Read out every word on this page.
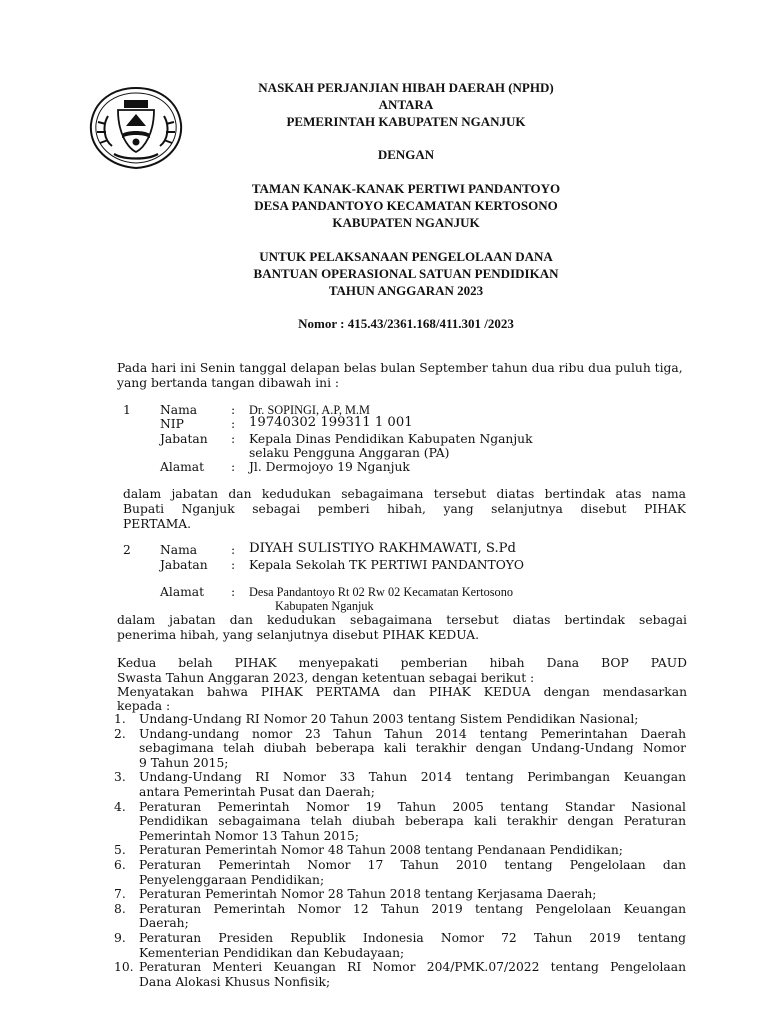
NASKAH PERJANJIAN HIBAH DAERAH (NPHD)
ANTARA
PEMERINTAH KABUPATEN NGANJUK
DENGAN
TAMAN KANAK-KANAK PERTIWI PANDANTOYO
DESA PANDANTOYO KECAMATAN KERTOSONO
KABUPATEN NGANJUK
UNTUK PELAKSANAAN PENGELOLAAN DANA
BANTUAN OPERASIONAL SATUAN PENDIDIKAN
TAHUN ANGGARAN 2023
Nomor : 415.43/2361.168/411.301 /2023
Pada hari ini Senin tanggal delapan belas bulan September tahun dua ribu dua puluh tiga,
yang bertanda tangan dibawah ini :
1 Nama	: Dr. SOPINGI, A.P, M.M
NIP	: 19740302 199311 1 001
Jabatan : Kepala Dinas Pendidikan Kabupaten Nganjuk
selaku Pengguna Anggaran (PA)
Alamat : Jl. Dermojoyo 19 Nganjuk
dalam jabatan dan kedudukan sebagaimana tersebut diatas bertindak atas nama
Bupati Nganjuk sebagai pemberi hibah, yang selanjutnya disebut PIHAK
PERTAMA.
2 Nama	: DIYAH SULISTIYO RAKHMAWATI, S.Pd
Jabatan : Kepala Sekolah TK PERTIWI PANDANTOYO
Alamat : Desa Pandantoyo Rt 02 Rw 02 Kecamatan Kertosono
Kabupaten Nganjuk
dalam jabatan dan kedudukan sebagaimana tersebut diatas bertindak sebagai
penerima hibah, yang selanjutnya disebut PIHAK KEDUA.
Kedua belah PIHAK menyepakati pemberian hibah Dana BOP PAUD
Swasta Tahun Anggaran 2023, dengan ketentuan sebagai berikut :
Menyatakan bahwa PIHAK PERTAMA dan PIHAK KEDUA dengan mendasarkan
kepada :
1. Undang-Undang RI Nomor 20 Tahun 2003 tentang Sistem Pendidikan Nasional;
2. Undang-undang nomor 23 Tahun Tahun 2014 tentang Pemerintahan Daerah
sebagimana telah diubah beberapa kali terakhir dengan Undang-Undang Nomor
9 Tahun 2015;
3. Undang-Undang RI Nomor 33 Tahun 2014 tentang Perimbangan Keuangan
antara Pemerintah Pusat dan Daerah;
4. Peraturan Pemerintah Nomor 19 Tahun 2005 tentang Standar Nasional
Pendidikan sebagaimana telah diubah beberapa kali terakhir dengan Peraturan
Pemerintah Nomor 13 Tahun 2015;
5. Peraturan Pemerintah Nomor 48 Tahun 2008 tentang Pendanaan Pendidikan;
6. Peraturan Pemerintah Nomor 17 Tahun 2010 tentang Pengelolaan dan
Penyelenggaraan Pendidikan;
7. Peraturan Pemerintah Nomor 28 Tahun 2018 tentang Kerjasama Daerah;
8. Peraturan Pemerintah Nomor 12 Tahun 2019 tentang Pengelolaan Keuangan
Daerah;
9. Peraturan Presiden Republik Indonesia Nomor 72 Tahun 2019 tentang
Kementerian Pendidikan dan Kebudayaan;
10. Peraturan Menteri Keuangan RI Nomor 204/PMK.07/2022 tentang Pengelolaan
Dana Alokasi Khusus Nonfisik;
